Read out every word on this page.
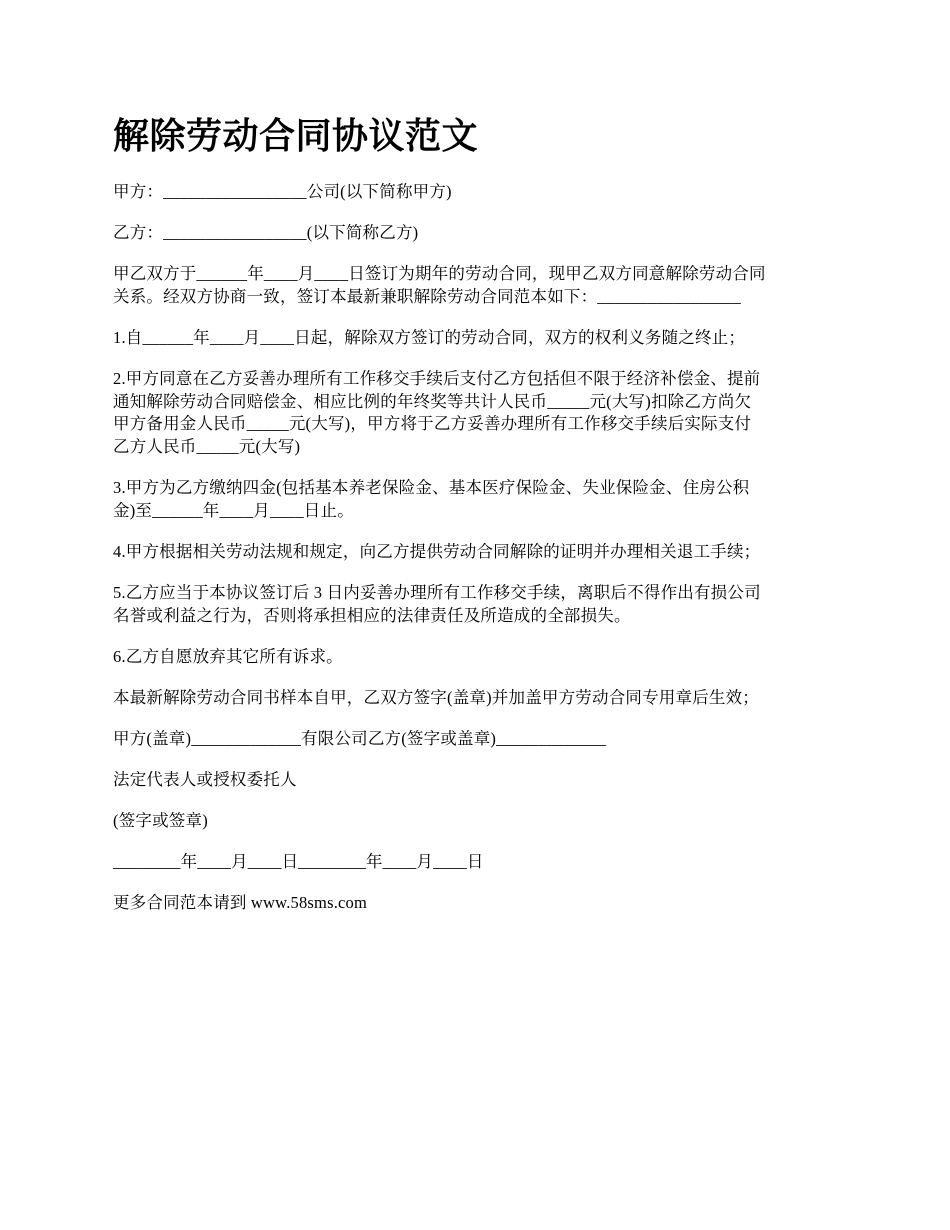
解除劳动合同协议范文

甲方：_________________公司(以下简称甲方)

乙方：_________________(以下简称乙方)

甲乙双方于______年____月____日签订为期年的劳动合同，现甲乙双方同意解除劳动合同
关系。经双方协商一致，签订本最新兼职解除劳动合同范本如下：_________________

1.自______年____月____日起，解除双方签订的劳动合同，双方的权利义务随之终止；

2.甲方同意在乙方妥善办理所有工作移交手续后支付乙方包括但不限于经济补偿金、提前
通知解除劳动合同赔偿金、相应比例的年终奖等共计人民币_____元(大写)扣除乙方尚欠
甲方备用金人民币_____元(大写)，甲方将于乙方妥善办理所有工作移交手续后实际支付
乙方人民币_____元(大写)

3.甲方为乙方缴纳四金(包括基本养老保险金、基本医疗保险金、失业保险金、住房公积
金)至______年____月____日止。

4.甲方根据相关劳动法规和规定，向乙方提供劳动合同解除的证明并办理相关退工手续；

5.乙方应当于本协议签订后 3 日内妥善办理所有工作移交手续，离职后不得作出有损公司
名誉或利益之行为，否则将承担相应的法律责任及所造成的全部损失。

6.乙方自愿放弃其它所有诉求。

本最新解除劳动合同书样本自甲，乙双方签字(盖章)并加盖甲方劳动合同专用章后生效；

甲方(盖章)_____________有限公司乙方(签字或盖章)_____________

法定代表人或授权委托人

(签字或签章)

________年____月____日________年____月____日

更多合同范本请到 www.58sms.com
